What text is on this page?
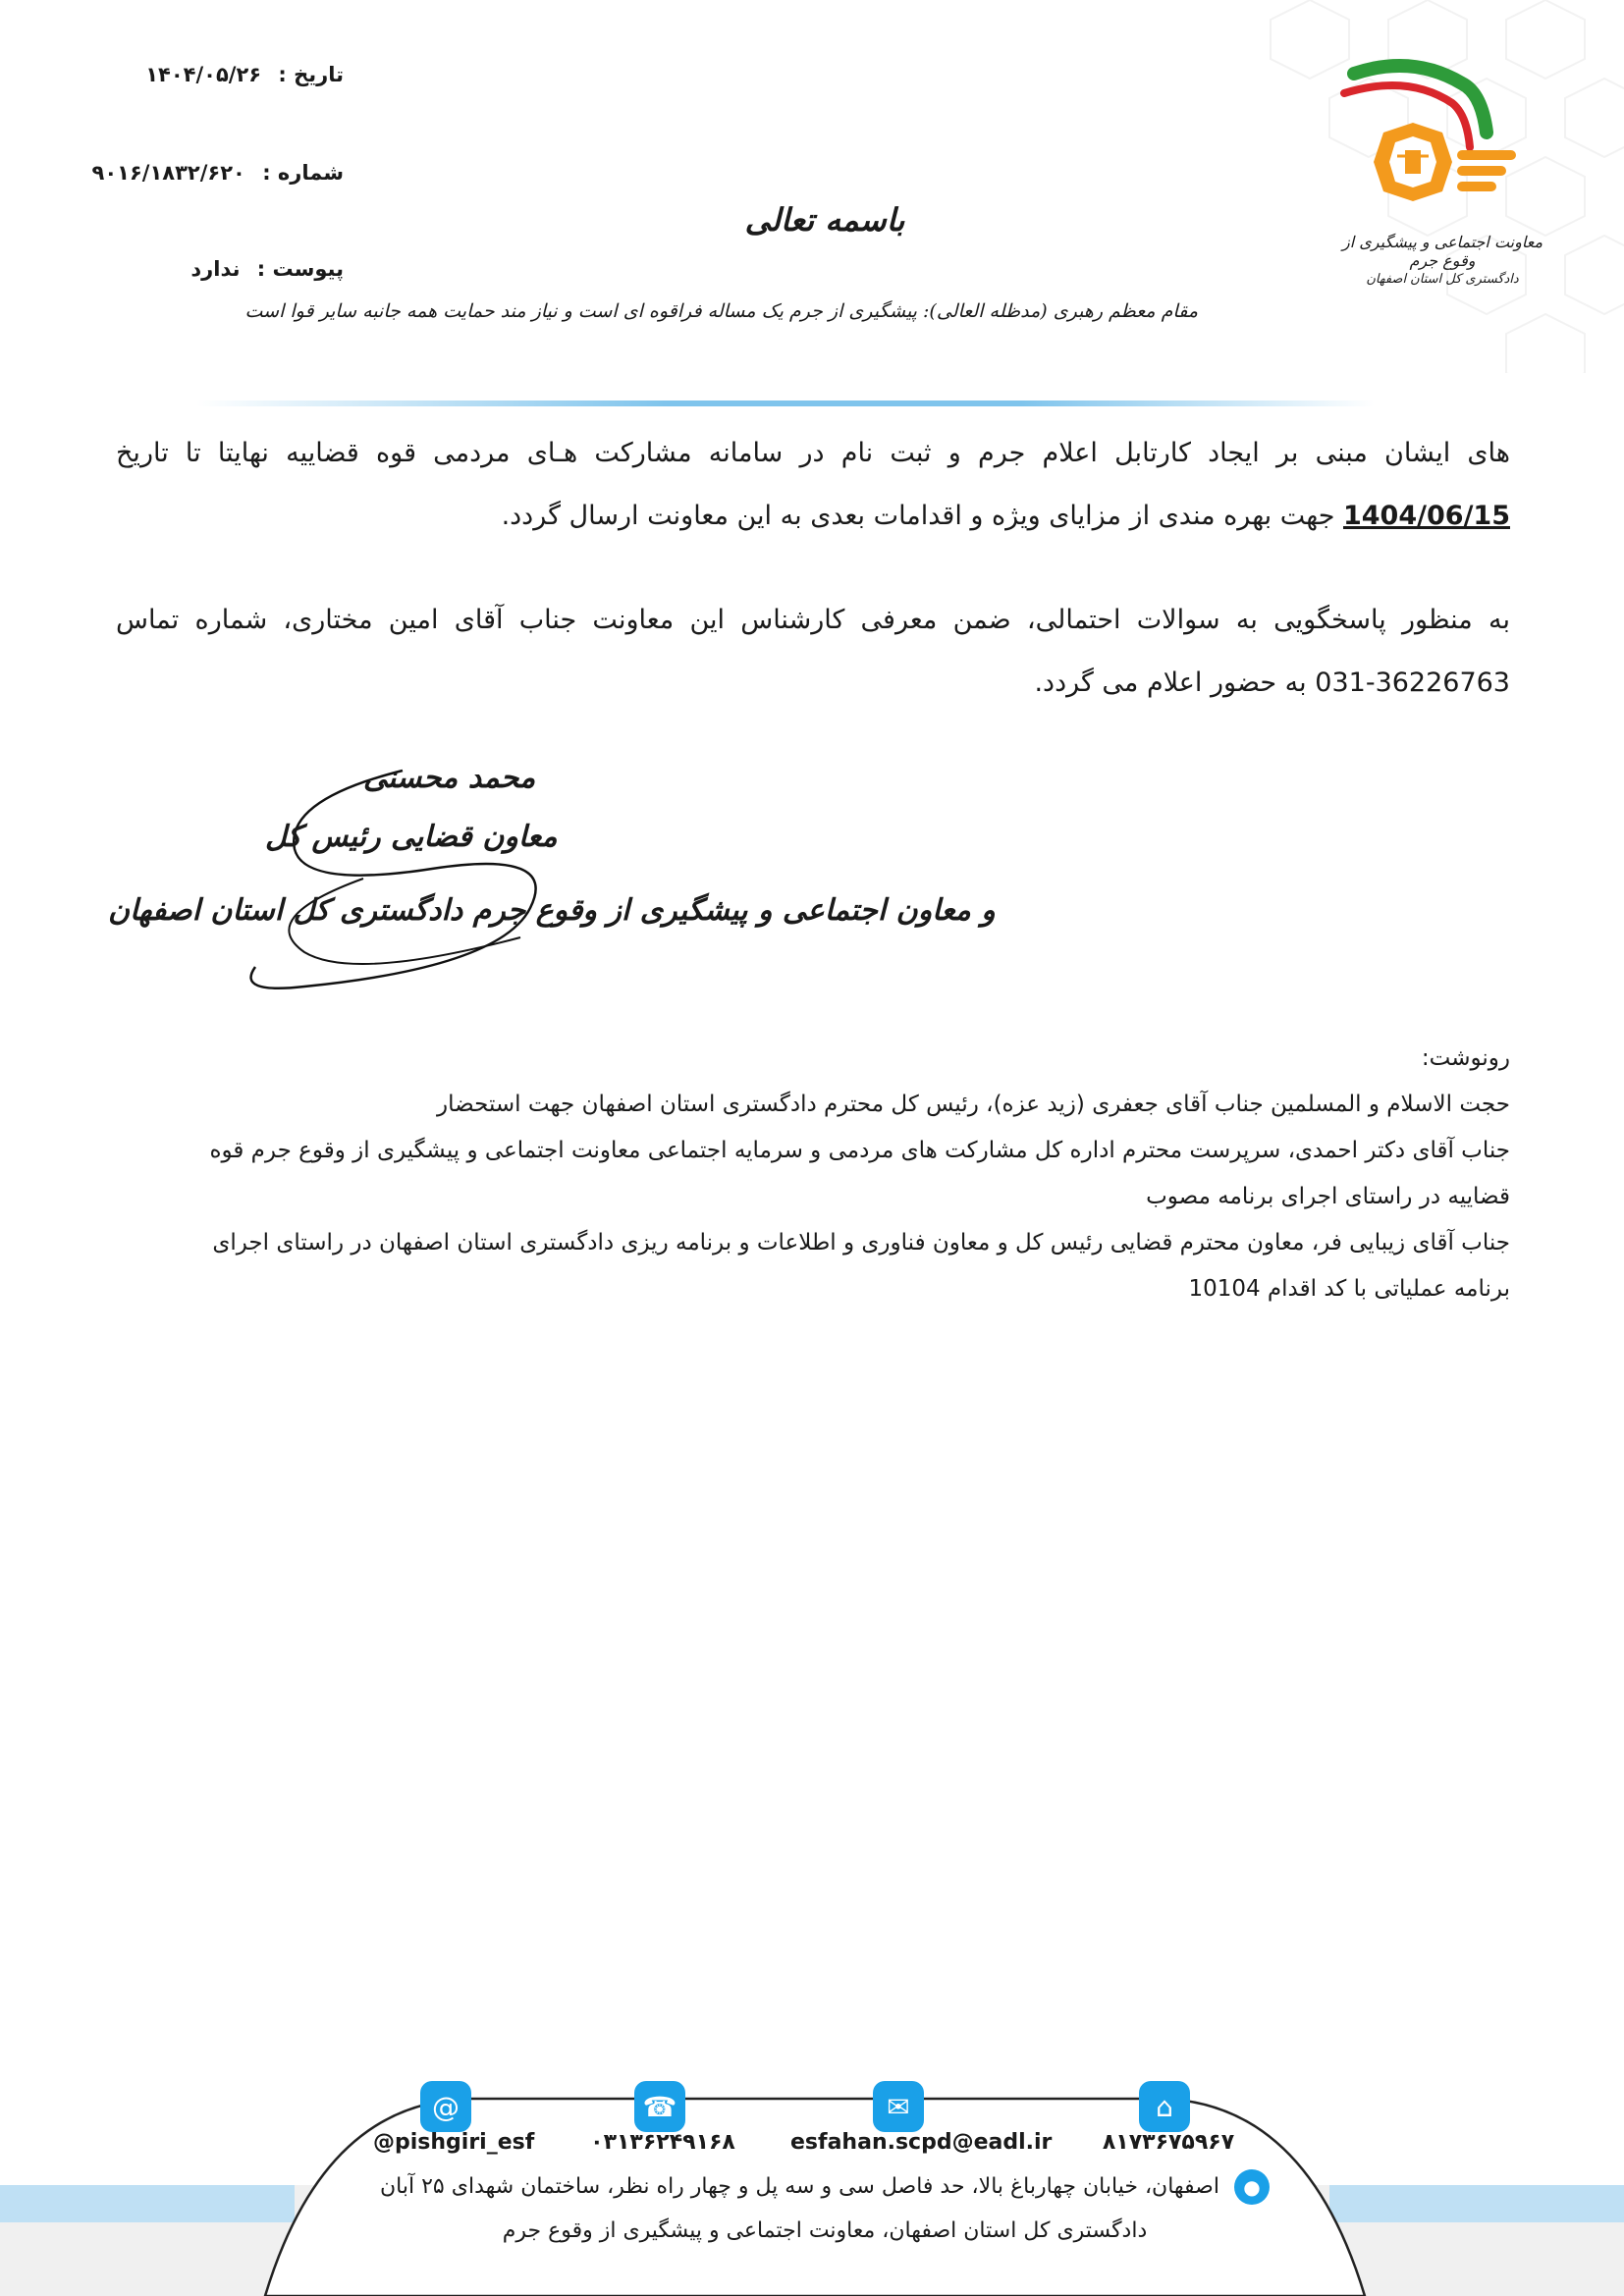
معاونت اجتماعی و پیشگیری از وقوع جرم
دادگستری کل استان اصفهان
تاریخ : ۱۴۰۴/۰۵/۲۶
شماره : ۹۰۱۶/۱۸۳۲/۶۲۰
پیوست : ندارد
باسمه تعالی
مقام معظم رهبری (مدظله العالی): پیشگیری از جرم یک مساله فراقوه ای است و نیاز مند حمایت همه جانبه سایر قوا است
های ایشان مبنی بر ایجاد کارتابل اعلام جرم و ثبت نام در سامانه مشارکت هـای مردمی قوه قضاییه نهایتا تا تاریخ 1404/06/15 جهت بهره مندی از مزایای ویژه و اقدامات بعدی به این معاونت ارسال گردد.
به منظور پاسخگویی به سوالات احتمالی، ضمن معرفی کارشناس این معاونت جناب آقای امین مختاری، شماره تماس 36226763-031 به حضور اعلام می گردد.
محمد محسنی
معاون قضایی رئیس کل
و معاون اجتماعی و پیشگیری از وقوع جرم دادگستری کل استان اصفهان
رونوشت:
حجت الاسلام و المسلمین جناب آقای جعفری (زید عزه)، رئیس کل محترم دادگستری استان اصفهان جهت استحضار
جناب آقای دکتر احمدی، سرپرست محترم اداره کل مشارکت های مردمی و سرمایه اجتماعی معاونت اجتماعی و پیشگیری از وقوع جرم قوه
قضاییه در راستای اجرای برنامه مصوب
جناب آقای زیبایی فر، معاون محترم قضایی رئیس کل و معاون فناوری و اطلاعات و برنامه ریزی دادگستری استان اصفهان در راستای اجرای
برنامه عملیاتی با کد اقدام 10104
@
@pishgiri_esf
☎
۰۳۱۳۶۲۴۹۱۶۸
✉
esfahan.scpd@eadl.ir
⌂
۸۱۷۳۶۷۵۹۶۷
● اصفهان، خیابان چهارباغ بالا، حد فاصل سی و سه پل و چهار راه نظر، ساختمان شهدای ۲۵ آبان
دادگستری کل استان اصفهان، معاونت اجتماعی و پیشگیری از وقوع جرم
